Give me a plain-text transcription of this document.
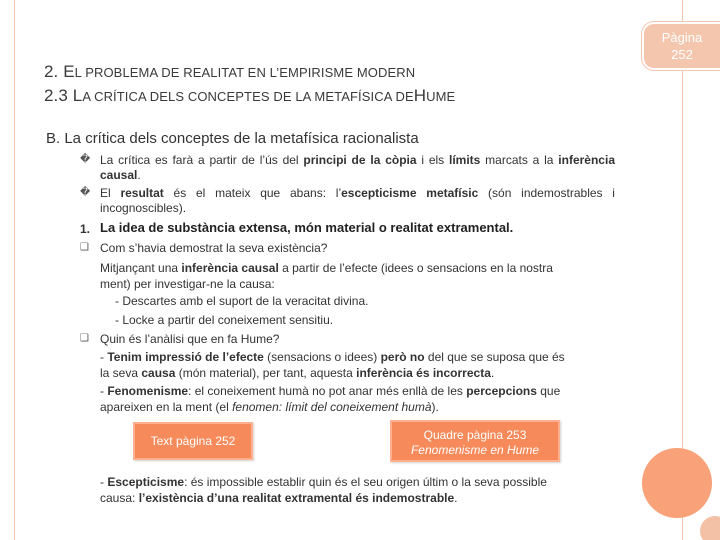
Pàgina
252
2. EL PROBLEMA DE REALITAT EN L’EMPIRISME MODERN
2.3 LA CRÍTICA DELS CONCEPTES DE LA METAFÍSICA DEHUME
B. La crítica dels conceptes de la metafísica racionalista
� La crítica es farà a partir de l’ús del principi de la còpia i els límits marcats a la inferència causal.
� El resultat és el mateix que abans: l’escepticisme metafísic (són indemostrables i incognoscibles).
1. La idea de substància extensa, món material o realitat extramental.
❑ Com s’havia demostrat la seva existència?
Mitjançant una inferència causal a partir de l’efecte (idees o sensacions en la nostra
ment) per investigar-ne la causa:
- Descartes amb el suport de la veracitat divina.
- Locke a partir del coneixement sensitiu.
❑ Quin és l’anàlisi que en fa Hume?
- Tenim impressió de l’efecte (sensacions o idees) però no del que se suposa que és
la seva causa (món material), per tant, aquesta inferència és incorrecta.
- Fenomenisme: el coneixement humà no pot anar més enllà de les percepcions que
apareixen en la ment (el fenomen: límit del coneixement humà).
Text pàgina 252	Quadre pàgina 253
Fenomenisme en Hume
- Escepticisme: és impossible establir quin és el seu origen últim o la seva possible
causa: l’existència d’una realitat extramental és indemostrable.
